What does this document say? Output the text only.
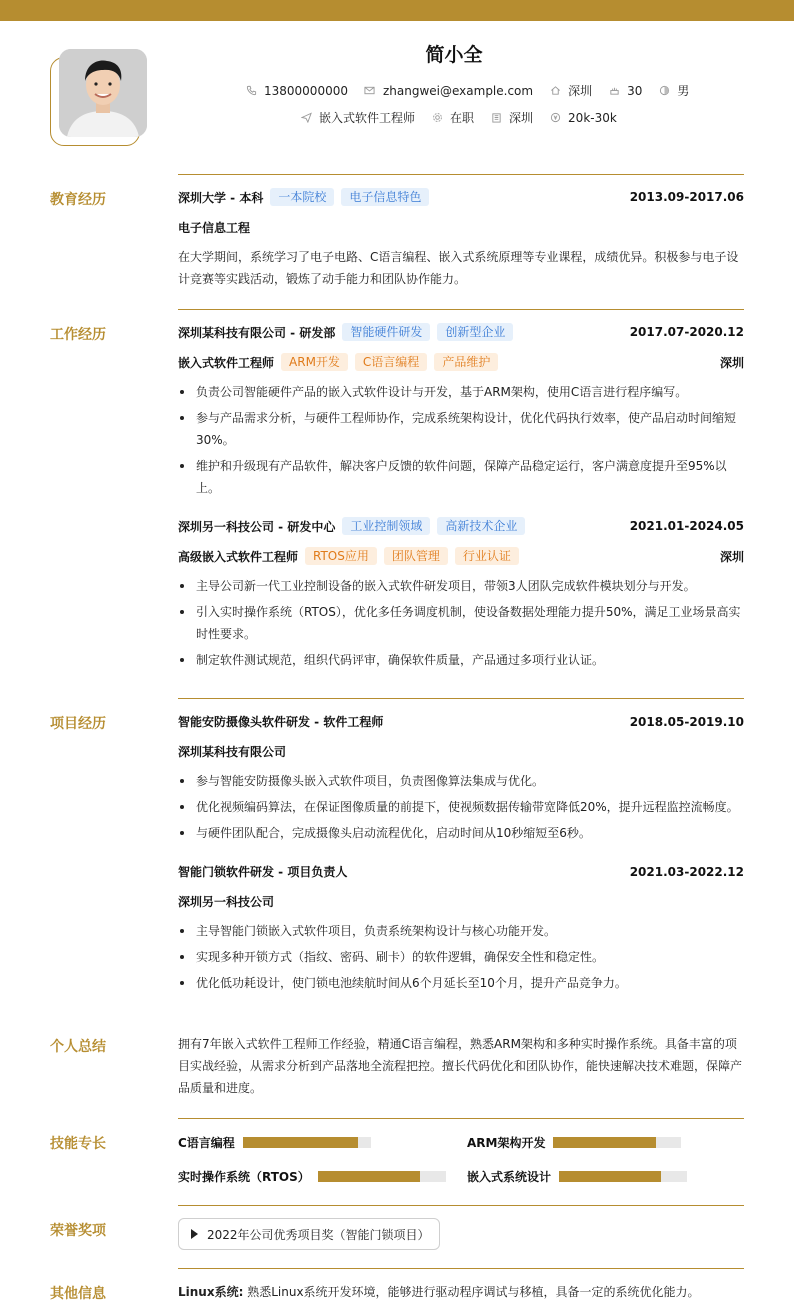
简小全
13800000000	zhangwei@example.com	深圳	30	男
嵌入式软件工程师	在职	深圳	20k-30k
教育经历	深圳大学 - 本科	一本院校	电子信息特色	2013.09-2017.06
电子信息工程
在大学期间，系统学习了电子电路、C语言编程、嵌入式系统原理等专业课程，成绩优异。积极参与电子设计竞赛等实践活动，锻炼了动手能力和团队协作能力。
工作经历	深圳某科技有限公司 - 研发部	智能硬件研发	创新型企业	2017.07-2020.12
嵌入式软件工程师	ARM开发	C语言编程	产品维护	深圳
负责公司智能硬件产品的嵌入式软件设计与开发，基于ARM架构，使用C语言进行程序编写。
参与产品需求分析，与硬件工程师协作，完成系统架构设计，优化代码执行效率，使产品启动时间缩短30%。
维护和升级现有产品软件，解决客户反馈的软件问题，保障产品稳定运行，客户满意度提升至95%以上。
深圳另一科技公司 - 研发中心	工业控制领域	高新技术企业	2021.01-2024.05
高级嵌入式软件工程师	RTOS应用	团队管理	行业认证	深圳
主导公司新一代工业控制设备的嵌入式软件研发项目，带领3人团队完成软件模块划分与开发。
引入实时操作系统（RTOS），优化多任务调度机制，使设备数据处理能力提升50%，满足工业场景高实时性要求。
制定软件测试规范，组织代码评审，确保软件质量，产品通过多项行业认证。
项目经历	智能安防摄像头软件研发 - 软件工程师	2018.05-2019.10
深圳某科技有限公司
参与智能安防摄像头嵌入式软件项目，负责图像算法集成与优化。
优化视频编码算法，在保证图像质量的前提下，使视频数据传输带宽降低20%，提升远程监控流畅度。
与硬件团队配合，完成摄像头启动流程优化，启动时间从10秒缩短至6秒。
智能门锁软件研发 - 项目负责人	2021.03-2022.12
深圳另一科技公司
主导智能门锁嵌入式软件项目，负责系统架构设计与核心功能开发。
实现多种开锁方式（指纹、密码、刷卡）的软件逻辑，确保安全性和稳定性。
优化低功耗设计，使门锁电池续航时间从6个月延长至10个月，提升产品竞争力。
个人总结	拥有7年嵌入式软件工程师工作经验，精通C语言编程，熟悉ARM架构和多种实时操作系统。具备丰富的项目实战经验，从需求分析到产品落地全流程把控。擅长代码优化和团队协作，能快速解决技术难题，保障产品质量和进度。
技能专长	C语言编程	ARM架构开发
实时操作系统（RTOS）	嵌入式系统设计
荣誉奖项	2022年公司优秀项目奖（智能门锁项目）
其他信息	Linux系统: 熟悉Linux系统开发环境，能够进行驱动程序调试与移植，具备一定的系统优化能力。
